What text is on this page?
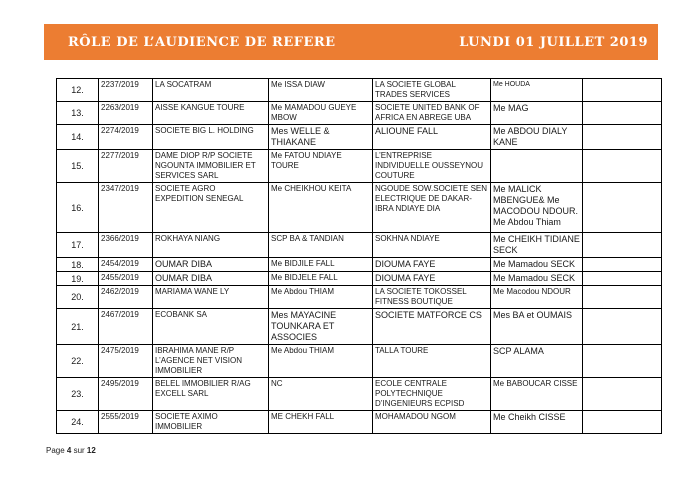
RÔLE DE L’AUDIENCE DE REFERE	LUNDI 01 JUILLET 2019
12.	2237/2019	LA SOCATRAM	Me ISSA DIAW	LA SOCIETE GLOBAL TRADES SERVICES	Me HOUDA	
13.	2263/2019	AISSE KANGUE TOURE	Me MAMADOU GUEYE MBOW	SOCIETE UNITED BANK OF AFRICA EN ABREGE UBA	Me MAG	
14.	2274/2019	SOCIETE BIG L. HOLDING	Mes WELLE & THIAKANE	ALIOUNE FALL	Me ABDOU DIALY KANE	
15.	2277/2019	DAME DIOP R/P SOCIETE NGOUNTA IMMOBILIER ET SERVICES SARL	Me FATOU NDIAYE TOURE	L’ENTREPRISE INDIVIDUELLE OUSSEYNOU COUTURE		
16.	2347/2019	SOCIETE AGRO EXPEDITION SENEGAL	Me CHEIKHOU KEITA	NGOUDE SOW.SOCIETE SEN ELECTRIQUE DE DAKAR-IBRA NDIAYE DIA	Me MALICK MBENGUE& Me MACODOU NDOUR. Me Abdou Thiam	
17.	2366/2019	ROKHAYA NIANG	SCP BA & TANDIAN	SOKHNA NDIAYE	Me CHEIKH TIDIANE SECK	
18.	2454/2019	OUMAR DIBA	Me BIDJILE FALL	DIOUMA FAYE	Me Mamadou SECK	
19.	2455/2019	OUMAR DIBA	Me BIDJELE FALL	DIOUMA FAYE	Me Mamadou SECK	
20.	2462/2019	MARIAMA WANE LY	Me Abdou THIAM	LA SOCIETE TOKOSSEL FITNESS BOUTIQUE	Me Macodou NDOUR	
21.	2467/2019	ECOBANK SA	Mes MAYACINE TOUNKARA ET ASSOCIES	SOCIETE MATFORCE CS	Mes BA et OUMAIS	
22.	2475/2019	IBRAHIMA MANE R/P L’AGENCE NET VISION IMMOBILIER	Me Abdou THIAM	TALLA TOURE	SCP ALAMA	
23.	2495/2019	BELEL IMMOBILIER R/AG EXCELL SARL	NC	ECOLE CENTRALE POLYTECHNIQUE D’INGENIEURS ECPISD	Me BABOUCAR CISSE	
24.	2555/2019	SOCIETE AXIMO IMMOBILIER	ME CHEKH FALL	MOHAMADOU NGOM	Me Cheikh CISSE	
Page 4 sur 12
